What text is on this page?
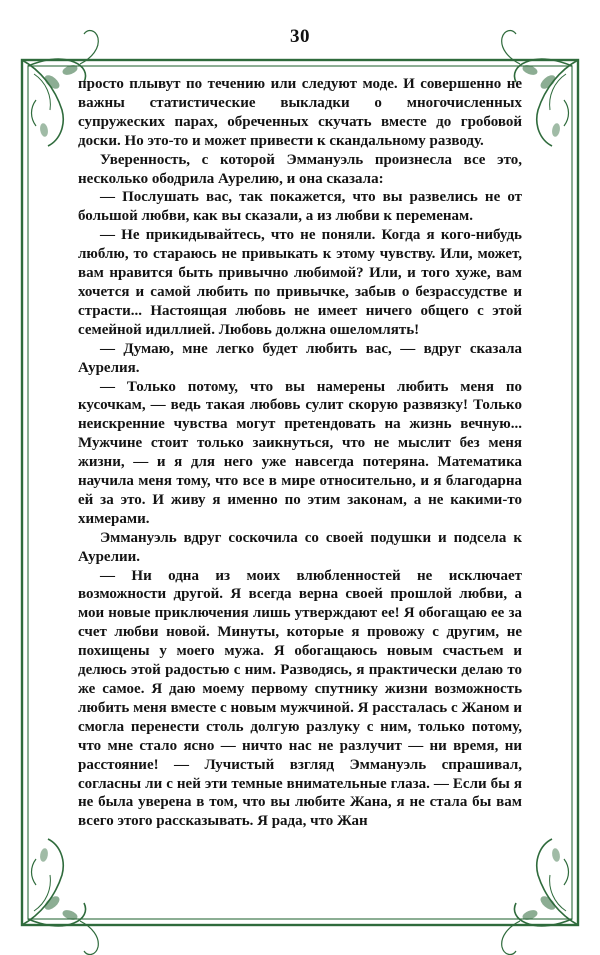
30

просто плывут по течению или следуют моде. И совершенно не важны статистические выкладки о многочисленных супружеских парах, обреченных скучать вместе до гробовой доски. Но это-то и может привести к скандальному разводу.

Уверенность, с которой Эммануэль произнесла все это, несколько ободрила Аурелию, и она сказала:

— Послушать вас, так покажется, что вы развелись не от большой любви, как вы сказали, а из любви к переменам.

— Не прикидывайтесь, что не поняли. Когда я кого-нибудь люблю, то стараюсь не привыкать к этому чувству. Или, может, вам нравится быть привычно любимой? Или, и того хуже, вам хочется и самой любить по привычке, забыв о безрассудстве и страсти... Настоящая любовь не имеет ничего общего с этой семейной идиллией. Любовь должна ошеломлять!

— Думаю, мне легко будет любить вас, — вдруг сказала Аурелия.

— Только потому, что вы намерены любить меня по кусочкам, — ведь такая любовь сулит скорую развязку! Только неискренние чувства могут претендовать на жизнь вечную... Мужчине стоит только заикнуться, что не мыслит без меня жизни, — и я для него уже навсегда потеряна. Математика научила меня тому, что все в мире относительно, и я благодарна ей за это. И живу я именно по этим законам, а не какими-то химерами.

Эммануэль вдруг соскочила со своей подушки и подсела к Аурелии.

— Ни одна из моих влюбленностей не исключает возможности другой. Я всегда верна своей прошлой любви, а мои новые приключения лишь утверждают ее! Я обогащаю ее за счет любви новой. Минуты, которые я провожу с другим, не похищены у моего мужа. Я обогащаюсь новым счастьем и делюсь этой радостью с ним. Разводясь, я практически делаю то же самое. Я даю моему первому спутнику жизни возможность любить меня вместе с новым мужчиной. Я рассталась с Жаном и смогла перенести столь долгую разлуку с ним, только потому, что мне стало ясно — ничто нас не разлучит — ни время, ни расстояние! — Лучистый взгляд Эммануэль спрашивал, согласны ли с ней эти темные внимательные глаза. — Если бы я не была уверена в том, что вы любите Жана, я не стала бы вам всего этого рассказывать. Я рада, что Жан
